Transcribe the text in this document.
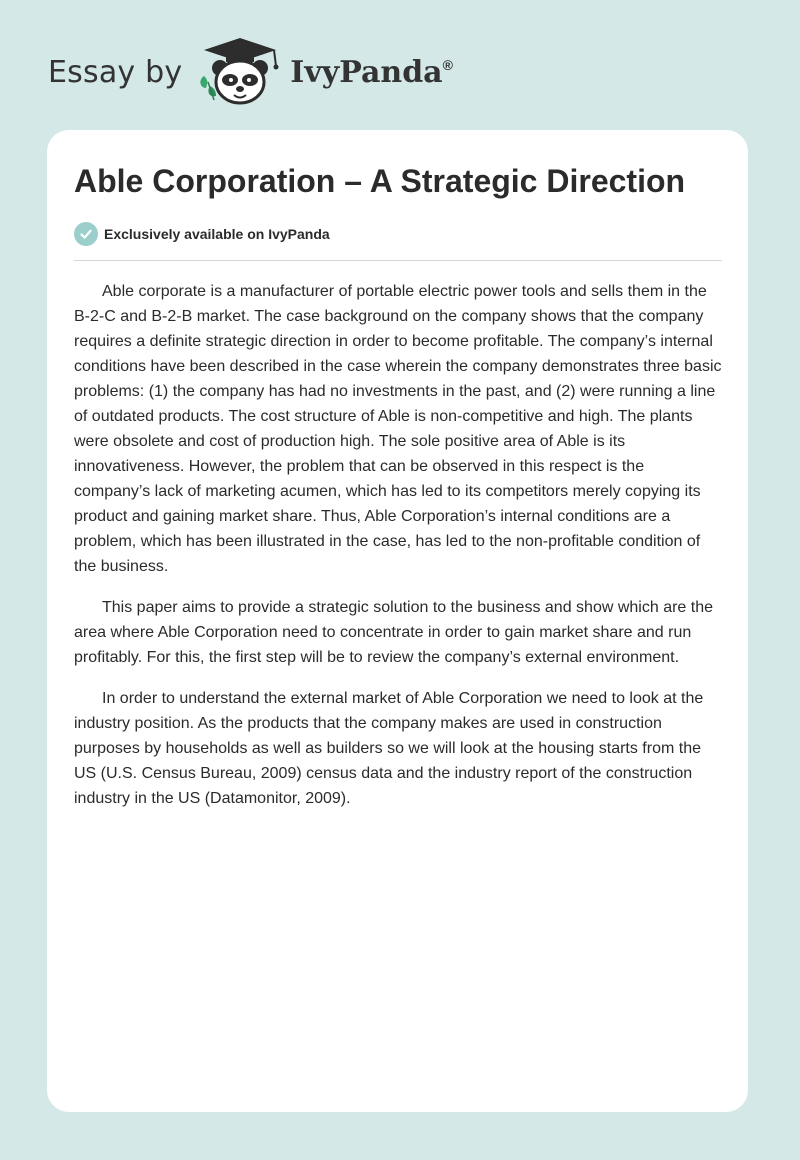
Essay by	IvyPanda®
Able Corporation – A Strategic Direction
Exclusively available on IvyPanda

Able corporate is a manufacturer of portable electric power tools and sells them in the B-2-C and B-2-B market. The case background on the company shows that the company requires a definite strategic direction in order to become profitable. The company’s internal conditions have been described in the case wherein the company demonstrates three basic problems: (1) the company has had no investments in the past, and (2) were running a line of outdated products. The cost structure of Able is non-competitive and high. The plants were obsolete and cost of production high. The sole positive area of Able is its innovativeness. However, the problem that can be observed in this respect is the company’s lack of marketing acumen, which has led to its competitors merely copying its product and gaining market share. Thus, Able Corporation’s internal conditions are a problem, which has been illustrated in the case, has led to the non-profitable condition of the business.

This paper aims to provide a strategic solution to the business and show which are the area where Able Corporation need to concentrate in order to gain market share and run profitably. For this, the first step will be to review the company’s external environment.

In order to understand the external market of Able Corporation we need to look at the industry position. As the products that the company makes are used in construction purposes by households as well as builders so we will look at the housing starts from the US (U.S. Census Bureau, 2009) census data and the industry report of the construction industry in the US (Datamonitor, 2009).
